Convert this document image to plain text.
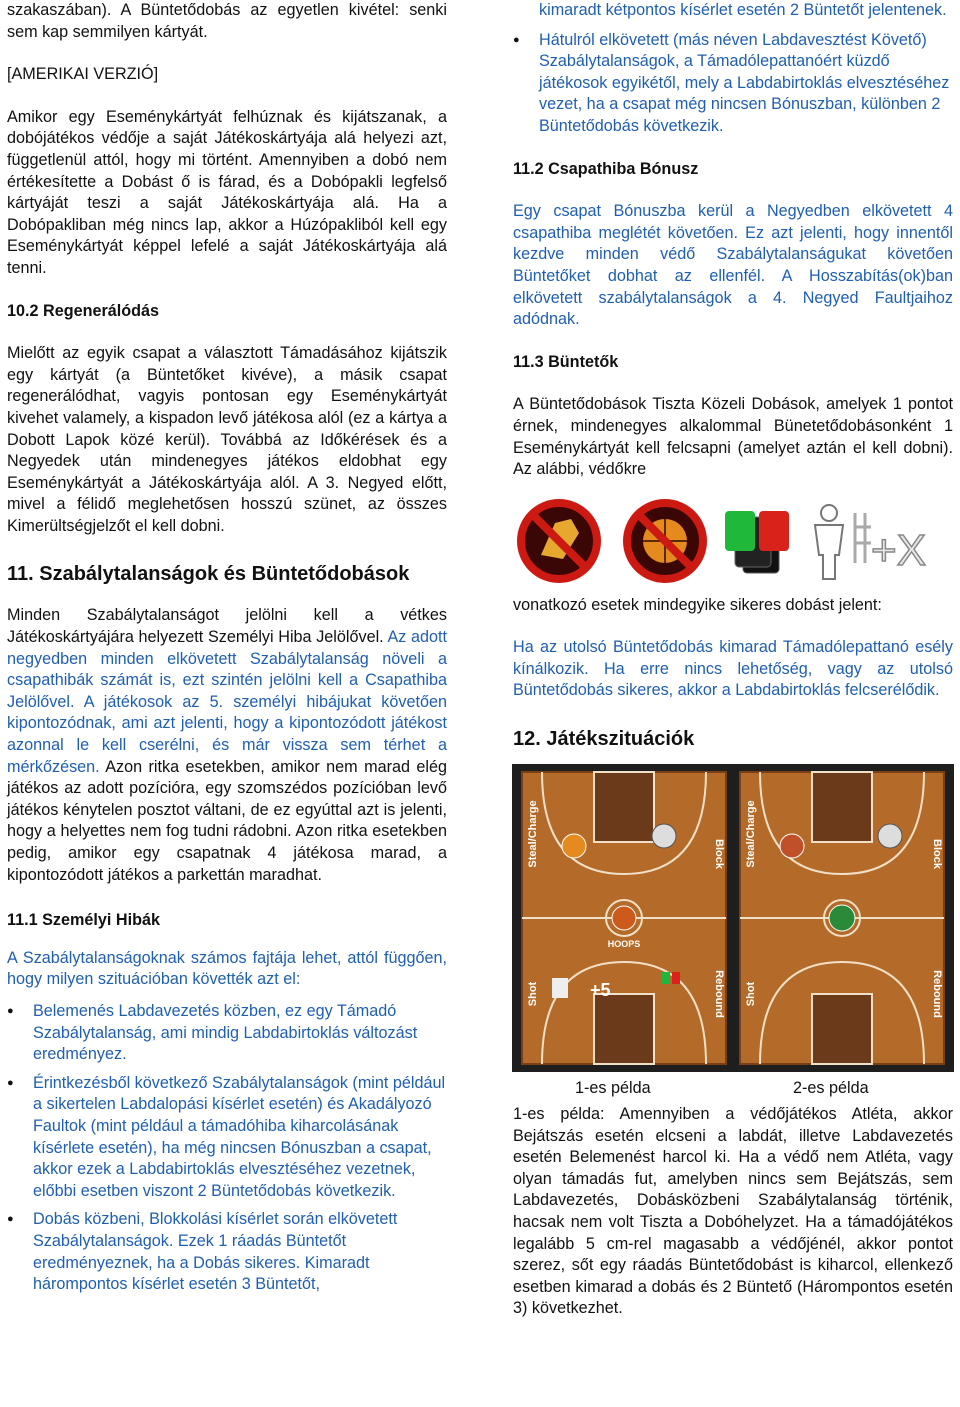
szakaszában). A Büntetődobás az egyetlen kivétel: senki sem kap semmilyen kártyát.

[AMERIKAI VERZIÓ]

Amikor egy Eseménykártyát felhúznak és kijátszanak, a dobójátékos védője a saját Játékoskártyája alá helyezi azt, függetlenül attól, hogy mi történt. Amennyiben a dobó nem értékesítette a Dobást ő is fárad, és a Dobópakli legfelső kártyáját teszi a saját Játékoskártyája alá. Ha a Dobópakliban még nincs lap, akkor a Húzópakliból kell egy Eseménykártyát képpel lefelé a saját Játékoskártyája alá tenni.

10.2 Regenerálódás

Mielőtt az egyik csapat a választott Támadásához kijátszik egy kártyát (a Büntetőket kivéve), a másik csapat regenerálódhat, vagyis pontosan egy Eseménykártyát kivehet valamely, a kispadon levő játékosa alól (ez a kártya a Dobott Lapok közé kerül). Továbbá az Időkérések és a Negyedek után mindenegyes játékos eldobhat egy Eseménykártyát a Játékoskártyája alól. A 3. Negyed előtt, mivel a félidő meglehetősen hosszú szünet, az összes Kimerültségjelzőt el kell dobni.

11. Szabálytalanságok és Büntetődobások

Minden Szabálytalanságot jelölni kell a vétkes Játékoskártyájára helyezett Személyi Hiba Jelölővel. Az adott negyedben minden elkövetett Szabálytalanság növeli a csapathibák számát is, ezt szintén jelölni kell a Csapathiba Jelölővel. A játékosok az 5. személyi hibájukat követően kipontozódnak, ami azt jelenti, hogy a kipontozódott játékost azonnal le kell cserélni, és már vissza sem térhet a mérkőzésen. Azon ritka esetekben, amikor nem marad elég játékos az adott pozícióra, egy szomszédos pozícióban levő játékos kénytelen posztot váltani, de ez egyúttal azt is jelenti, hogy a helyettes nem fog tudni rádobni. Azon ritka esetekben pedig, amikor egy csapatnak 4 játékosa marad, a kipontozódott játékos a parkettán maradhat.

11.1 Személyi Hibák

A Szabálytalanságoknak számos fajtája lehet, attól függően, hogy milyen szituációban követték azt el:

● Belemenés Labdavezetés közben, ez egy Támadó Szabálytalanság, ami mindig Labdabirtoklás változást eredményez.
● Érintkezésből következő Szabálytalanságok (mint például a sikertelen Labdalopási kísérlet esetén) és Akadályozó Faultok (mint például a támadóhiba kiharcolásának kísérlete esetén), ha még nincsen Bónuszban a csapat, akkor ezek a Labdabirtoklás elvesztéséhez vezetnek, előbbi esetben viszont 2 Büntetődobás következik.
● Dobás közbeni, Blokkolási kísérlet során elkövetett Szabálytalanságok. Ezek 1 ráadás Büntetőt eredményeznek, ha a Dobás sikeres. Kimaradt hárompontos kísérlet esetén 3 Büntetőt,

kimaradt kétpontos kísérlet esetén 2 Büntetőt jelentenek.

● Hátulról elkövetett (más néven Labdavesztést Követő) Szabálytalanságok, a Támadólepattanóért küzdő játékosok egyikétől, mely a Labdabirtoklás elvesztéséhez vezet, ha a csapat még nincsen Bónuszban, különben 2 Büntetődobás következik.

11.2 Csapathiba Bónusz

Egy csapat Bónuszba kerül a Negyedben elkövetett 4 csapathiba meglétét követően. Ez azt jelenti, hogy innentől kezdve minden védő Szabálytalanságukat követően Büntetőket dobhat az ellenfél. A Hosszabítás(ok)ban elkövetett szabálytalanságok a 4. Negyed Faultjaihoz adódnak.

11.3 Büntetők

A Büntetődobások Tiszta Közeli Dobások, amelyek 1 pontot érnek, mindenegyes alkalommal Bünetetődobásonként 1 Eseménykártyát kell felcsapni (amelyet aztán el kell dobni). Az alábbi, védőkre

+X

vonatkozó esetek mindegyike sikeres dobást jelent:

Ha az utolsó Büntetődobás kimarad Támadólepattanó esély kínálkozik. Ha erre nincs lehetőség, vagy az utolsó Büntetődobás sikeres, akkor a Labdabirtoklás felcserélődik.

12. Játékszituációk

HOOPS
+5
Steal/Charge	Block
Shot	Rebound
Steal/Charge	Block
Shot	Rebound
1-es példa	2-es példa

1-es példa: Amennyiben a védőjátékos Atléta, akkor Bejátszás esetén elcseni a labdát, illetve Labdavezetés esetén Belemenést harcol ki. Ha a védő nem Atléta, vagy olyan támadás fut, amelyben nincs sem Bejátszás, sem Labdavezetés, Dobásközbeni Szabálytalanság történik, hacsak nem volt Tiszta a Dobóhelyzet. Ha a támadójátékos legalább 5 cm-rel magasabb a védőjénél, akkor pontot szerez, sőt egy ráadás Büntetődobást is kiharcol, ellenkező esetben kimarad a dobás és 2 Büntető (Hárompontos esetén 3) következhet.
